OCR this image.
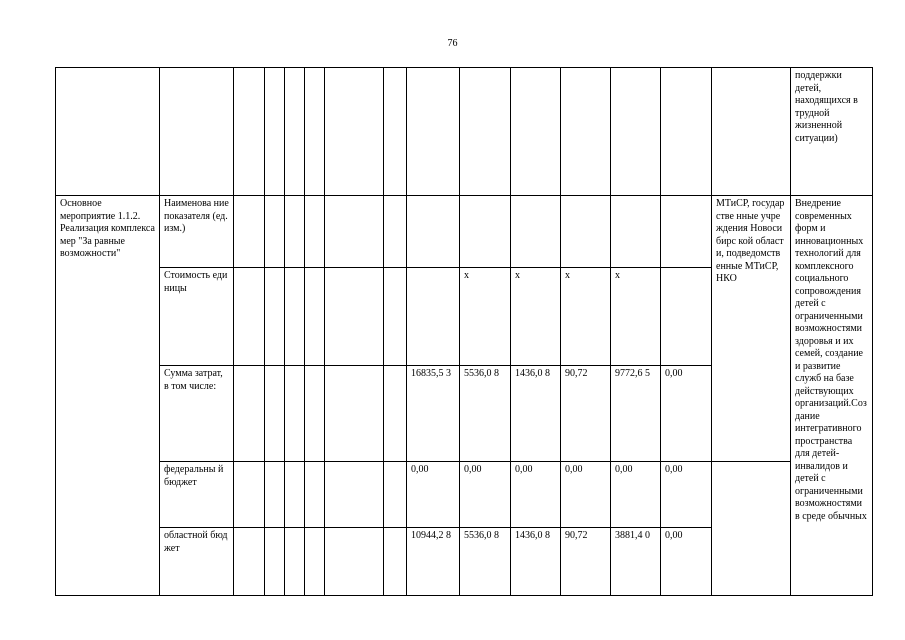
76
															поддержки детей, находящихся в трудной жизненной ситуации)
Основное мероприятие 1.1.2. Реализация комплекса мер "За равные возможности"	Наименова ние показателя (ед. изм.)													МТиСР, государстве нные учреждения Новосибирс кой области, подведомств енные МТиСР, НКО	Внедрение современных форм и инновационных технологий для комплексного социального сопровождения детей с ограниченными возможностями здоровья и их семей, создание и развитие служб на базе действующих организаций.Соз дание интегративного пространства для детей-инвалидов и детей с ограниченными возможностями в среде обычных
	Стоимость единицы								x	x	x	x			
	Сумма затрат, в том числе:							16835,5 3	5536,0 8	1436,0 8	90,72	9772,6 5	0,00		
	федеральны й бюджет							0,00	0,00	0,00	0,00	0,00	0,00		
	областной бюджет							10944,2 8	5536,0 8	1436,0 8	90,72	3881,4 0	0,00		
